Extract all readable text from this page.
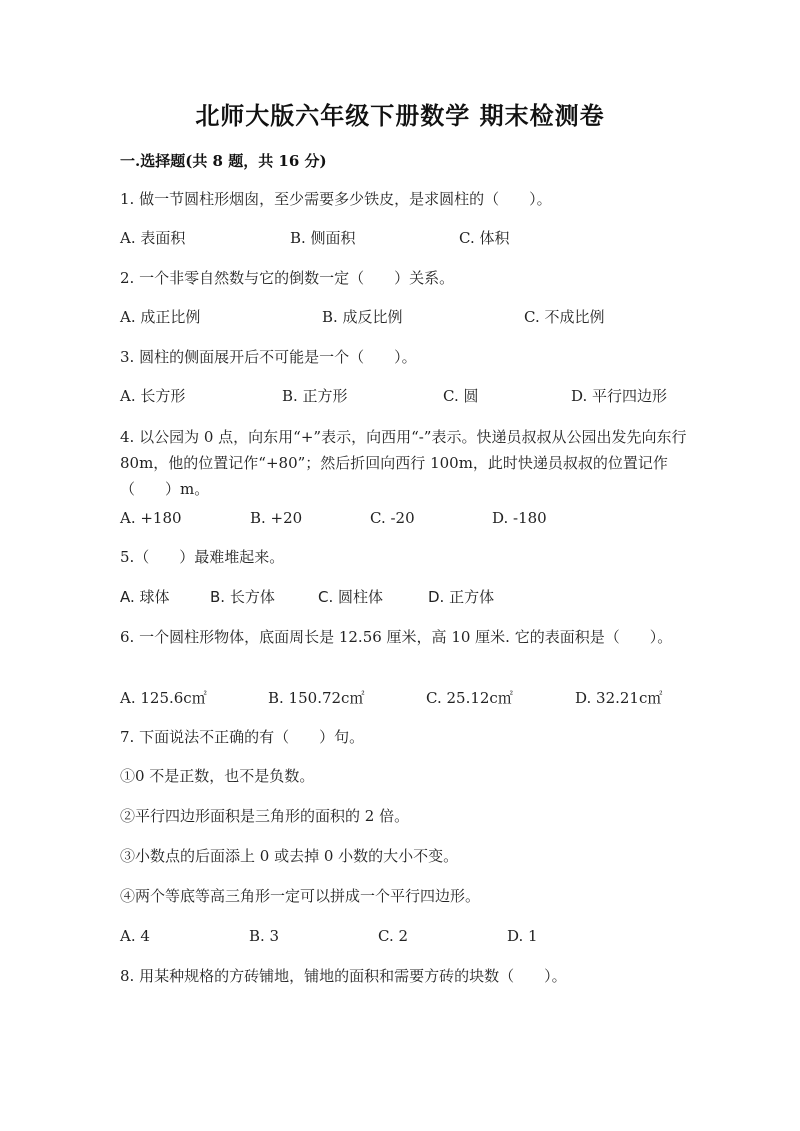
北师大版六年级下册数学 期末检测卷
一.选择题(共 8 题，共 16 分)
1. 做一节圆柱形烟囱，至少需要多少铁皮，是求圆柱的（　　）。
A. 表面积	B. 侧面积	C. 体积
2. 一个非零自然数与它的倒数一定（　　）关系。
A. 成正比例	B. 成反比例	C. 不成比例
3. 圆柱的侧面展开后不可能是一个（　　）。
A. 长方形	B. 正方形	C. 圆	D. 平行四边形
4. 以公园为 0 点，向东用“+”表示，向西用“-”表示。快递员叔叔从公园出发先向东行 80m，他的位置记作“+80”；然后折回向西行 100m，此时快递员叔叔的位置记作（　　）m。
A. +180	B. +20	C. -20	D. -180
5.（　　）最难堆起来。
A. 球体	B. 长方体	C. 圆柱体	D. 正方体
6. 一个圆柱形物体，底面周长是 12.56 厘米，高 10 厘米. 它的表面积是（　　）。
A. 125.6c㎡	B. 150.72c㎡	C. 25.12c㎡	D. 32.21c㎡
7. 下面说法不正确的有（　　）句。
①0 不是正数，也不是负数。
②平行四边形面积是三角形的面积的 2 倍。
③小数点的后面添上 0 或去掉 0 小数的大小不变。
④两个等底等高三角形一定可以拼成一个平行四边形。
A. 4	B. 3	C. 2	D. 1
8. 用某种规格的方砖铺地，铺地的面积和需要方砖的块数（　　）。
